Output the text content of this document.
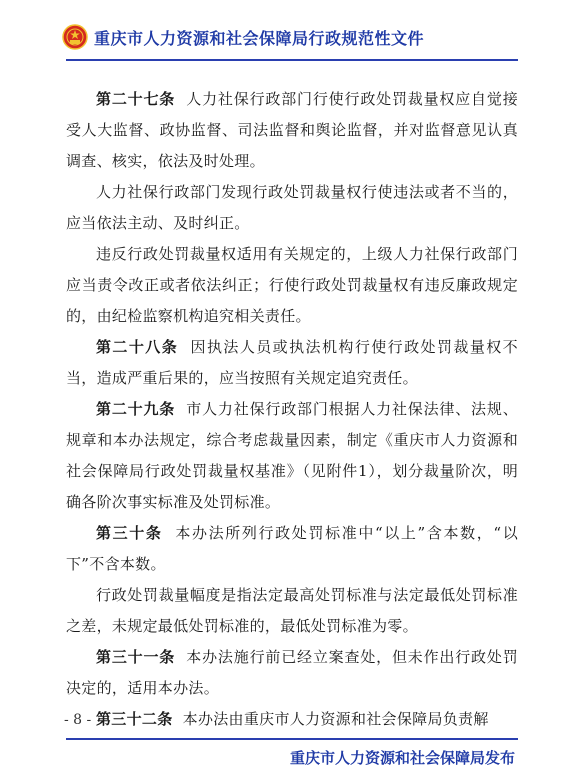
重庆市人力资源和社会保障局行政规范性文件

第二十七条 人力社保行政部门行使行政处罚裁量权应自觉接受人大监督、政协监督、司法监督和舆论监督，并对监督意见认真调查、核实，依法及时处理。

人力社保行政部门发现行政处罚裁量权行使违法或者不当的，应当依法主动、及时纠正。

违反行政处罚裁量权适用有关规定的，上级人力社保行政部门应当责令改正或者依法纠正；行使行政处罚裁量权有违反廉政规定的，由纪检监察机构追究相关责任。

第二十八条 因执法人员或执法机构行使行政处罚裁量权不当，造成严重后果的，应当按照有关规定追究责任。

第二十九条 市人力社保行政部门根据人力社保法律、法规、规章和本办法规定，综合考虑裁量因素，制定《重庆市人力资源和社会保障局行政处罚裁量权基准》（见附件1），划分裁量阶次，明确各阶次事实标准及处罚标准。

第三十条 本办法所列行政处罚标准中“以上”含本数，“以下”不含本数。

行政处罚裁量幅度是指法定最高处罚标准与法定最低处罚标准之差，未规定最低处罚标准的，最低处罚标准为零。

第三十一条 本办法施行前已经立案查处，但未作出行政处罚决定的，适用本办法。

第三十二条 本办法由重庆市人力资源和社会保障局负责解

- 8 -
重庆市人力资源和社会保障局发布
